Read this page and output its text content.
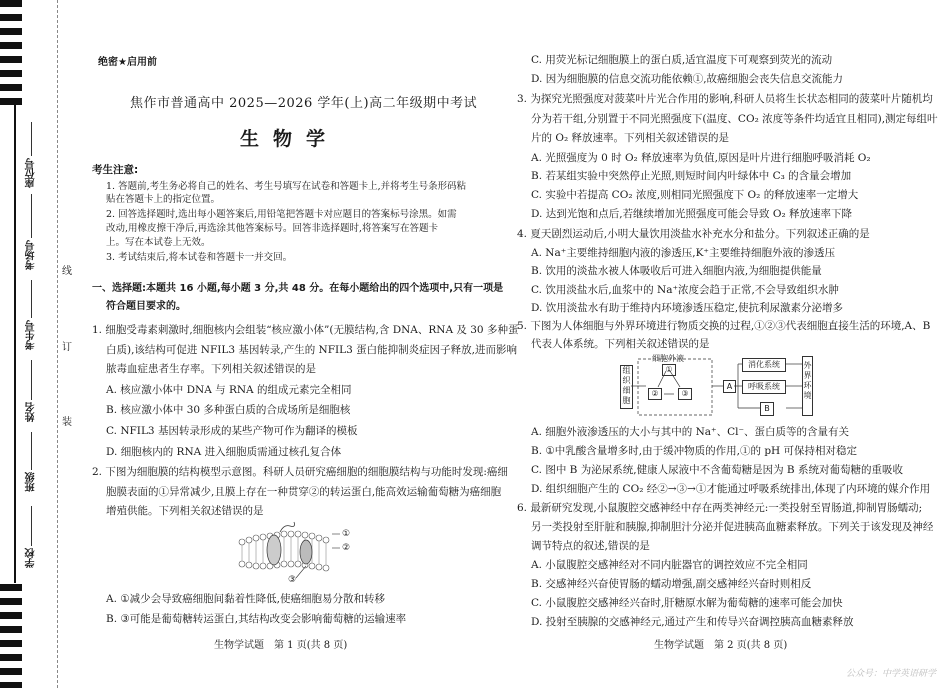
座位号
考场号
考生号
姓名
班级
学校
线
订
装
绝密★启用前
焦作市普通高中 2025—2026 学年(上)高二年级期中考试
生物学
考生注意:
1. 答题前,考生务必将自己的姓名、考生号填写在试卷和答题卡上,并将考生号条形码粘
贴在答题卡上的指定位置。
2. 回答选择题时,选出每小题答案后,用铅笔把答题卡对应题目的答案标号涂黑。如需
改动,用橡皮擦干净后,再选涂其他答案标号。回答非选择题时,将答案写在答题卡
上。写在本试卷上无效。
3. 考试结束后,将本试卷和答题卡一并交回。
一、选择题:本题共 16 小题,每小题 3 分,共 48 分。在每小题给出的四个选项中,只有一项是
符合题目要求的。
1. 细胞受毒素刺激时,细胞核内会组装“核应激小体”(无膜结构,含 DNA、RNA 及 30 多种蛋
白质),该结构可促进 NFIL3 基因转录,产生的 NFIL3 蛋白能抑制炎症因子释放,进而影响
脓毒血症患者生存率。下列相关叙述错误的是
A. 核应激小体中 DNA 与 RNA 的组成元素完全相同
B. 核应激小体中 30 多种蛋白质的合成场所是细胞核
C. NFIL3 基因转录形成的某些产物可作为翻译的模板
D. 细胞核内的 RNA 进入细胞质需通过核孔复合体
2. 下图为细胞膜的结构模型示意图。科研人员研究癌细胞的细胞膜结构与功能时发现:癌细
胞膜表面的①异常减少,且膜上存在一种贯穿②的转运蛋白,能高效运输葡萄糖为癌细胞
增殖供能。下列相关叙述错误的是
①
②
③
A. ①减少会导致癌细胞间黏着性降低,使癌细胞易分散和转移
B. ③可能是葡萄糖转运蛋白,其结构改变会影响葡萄糖的运输速率
生物学试题　第 1 页(共 8 页)
C. 用荧光标记细胞膜上的蛋白质,适宜温度下可观察到荧光的流动
D. 因为细胞膜的信息交流功能依赖①,故癌细胞会丧失信息交流能力
3. 为探究光照强度对菠菜叶片光合作用的影响,科研人员将生长状态相同的菠菜叶片随机均
分为若干组,分别置于不同光照强度下(温度、CO₂ 浓度等条件均适宜且相同),测定每组叶
片的 O₂ 释放速率。下列相关叙述错误的是
A. 光照强度为 0 时 O₂ 释放速率为负值,原因是叶片进行细胞呼吸消耗 O₂
B. 若某组实验中突然停止光照,则短时间内叶绿体中 C₃ 的含量会增加
C. 实验中若提高 CO₂ 浓度,则相同光照强度下 O₂ 的释放速率一定增大
D. 达到光饱和点后,若继续增加光照强度可能会导致 O₂ 释放速率下降
4. 夏天剧烈运动后,小明大量饮用淡盐水补充水分和盐分。下列叙述正确的是
A. Na⁺主要维持细胞内液的渗透压,K⁺主要维持细胞外液的渗透压
B. 饮用的淡盐水被人体吸收后可进入细胞内液,为细胞提供能量
C. 饮用淡盐水后,血浆中的 Na⁺浓度会趋于正常,不会导致组织水肿
D. 饮用淡盐水有助于维持内环境渗透压稳定,使抗利尿激素分泌增多
5. 下图为人体细胞与外界环境进行物质交换的过程,①②③代表细胞直接生活的环境,A、B
代表人体系统。下列相关叙述错误的是
组织细胞
细胞外液
①
②	③
A
消化系统
呼吸系统
B
外界环境
A. 细胞外液渗透压的大小与其中的 Na⁺、Cl⁻、蛋白质等的含量有关
B. ①中乳酸含量增多时,由于缓冲物质的作用,①的 pH 可保持相对稳定
C. 图中 B 为泌尿系统,健康人尿液中不含葡萄糖是因为 B 系统对葡萄糖的重吸收
D. 组织细胞产生的 CO₂ 经②→③→①才能通过呼吸系统排出,体现了内环境的媒介作用
6. 最新研究发现,小鼠腹腔交感神经中存在两类神经元:一类投射至胃肠道,抑制胃肠蠕动;
另一类投射至肝脏和胰腺,抑制胆汁分泌并促进胰高血糖素释放。下列关于该发现及神经
调节特点的叙述,错误的是
A. 小鼠腹腔交感神经对不同内脏器官的调控效应不完全相同
B. 交感神经兴奋使胃肠的蠕动增强,副交感神经兴奋时则相反
C. 小鼠腹腔交感神经兴奋时,肝糖原水解为葡萄糖的速率可能会加快
D. 投射至胰腺的交感神经元,通过产生和传导兴奋调控胰高血糖素释放
生物学试题　第 2 页(共 8 页)
公众号：中学英语研学
